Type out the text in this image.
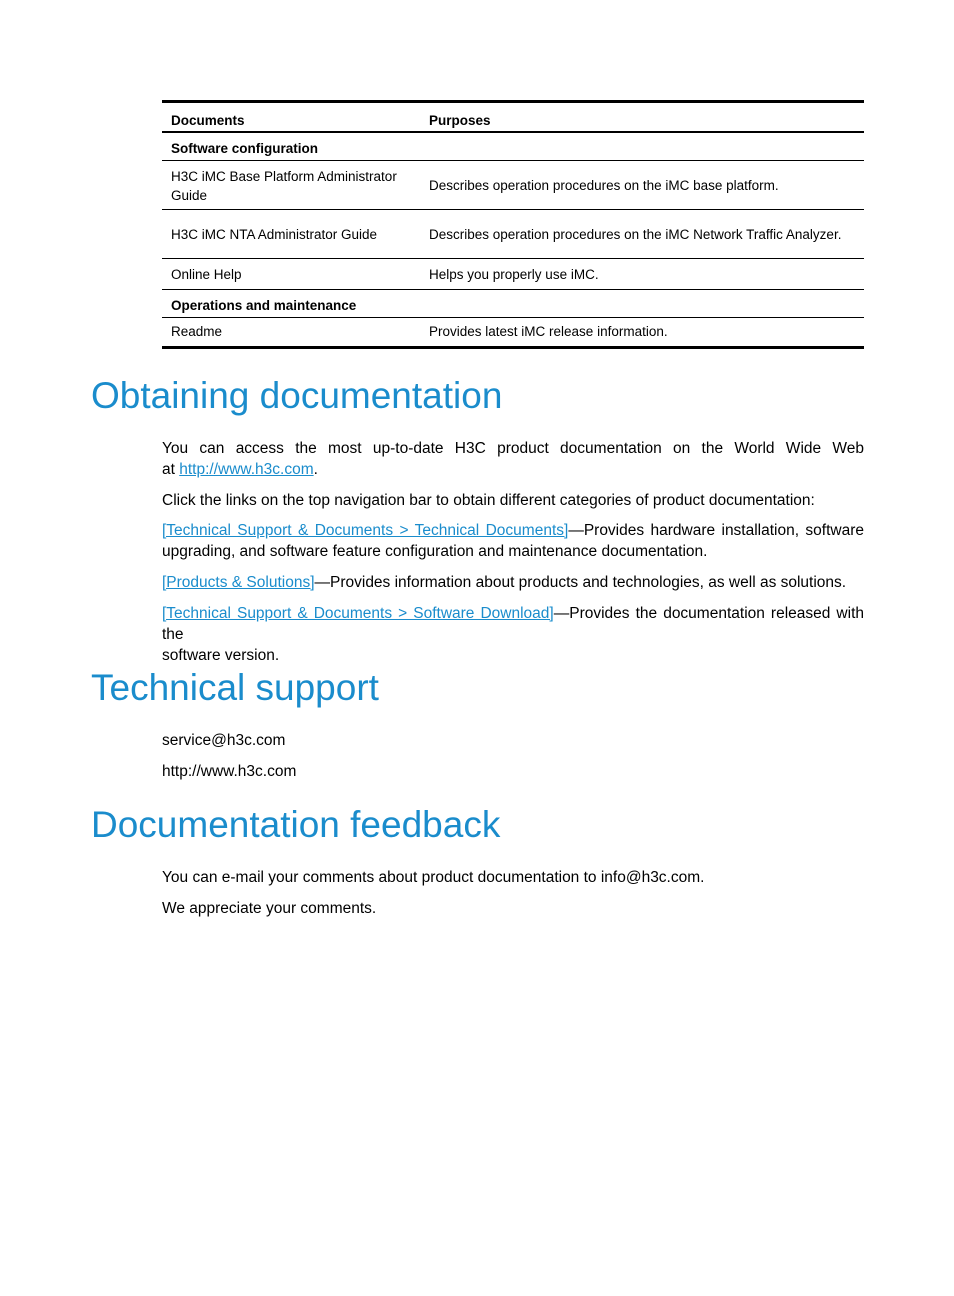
Documents	Purposes
Software configuration	
H3C iMC Base Platform Administrator Guide	Describes operation procedures on the iMC base platform.
H3C iMC NTA Administrator Guide	Describes operation procedures on the iMC Network Traffic Analyzer.
Online Help	Helps you properly use iMC.
Operations and maintenance	
Readme	Provides latest iMC release information.
Obtaining documentation

You can access the most up-to-date H3C product documentation on the World Wide Web
at http://www.h3c.com.

Click the links on the top navigation bar to obtain different categories of product documentation:

[Technical Support & Documents > Technical Documents]—Provides hardware installation, software
upgrading, and software feature configuration and maintenance documentation.

[Products & Solutions]—Provides information about products and technologies, as well as solutions.

[Technical Support & Documents > Software Download]—Provides the documentation released with the
software version.

Technical support

service@h3c.com

http://www.h3c.com

Documentation feedback

You can e-mail your comments about product documentation to info@h3c.com.

We appreciate your comments.
